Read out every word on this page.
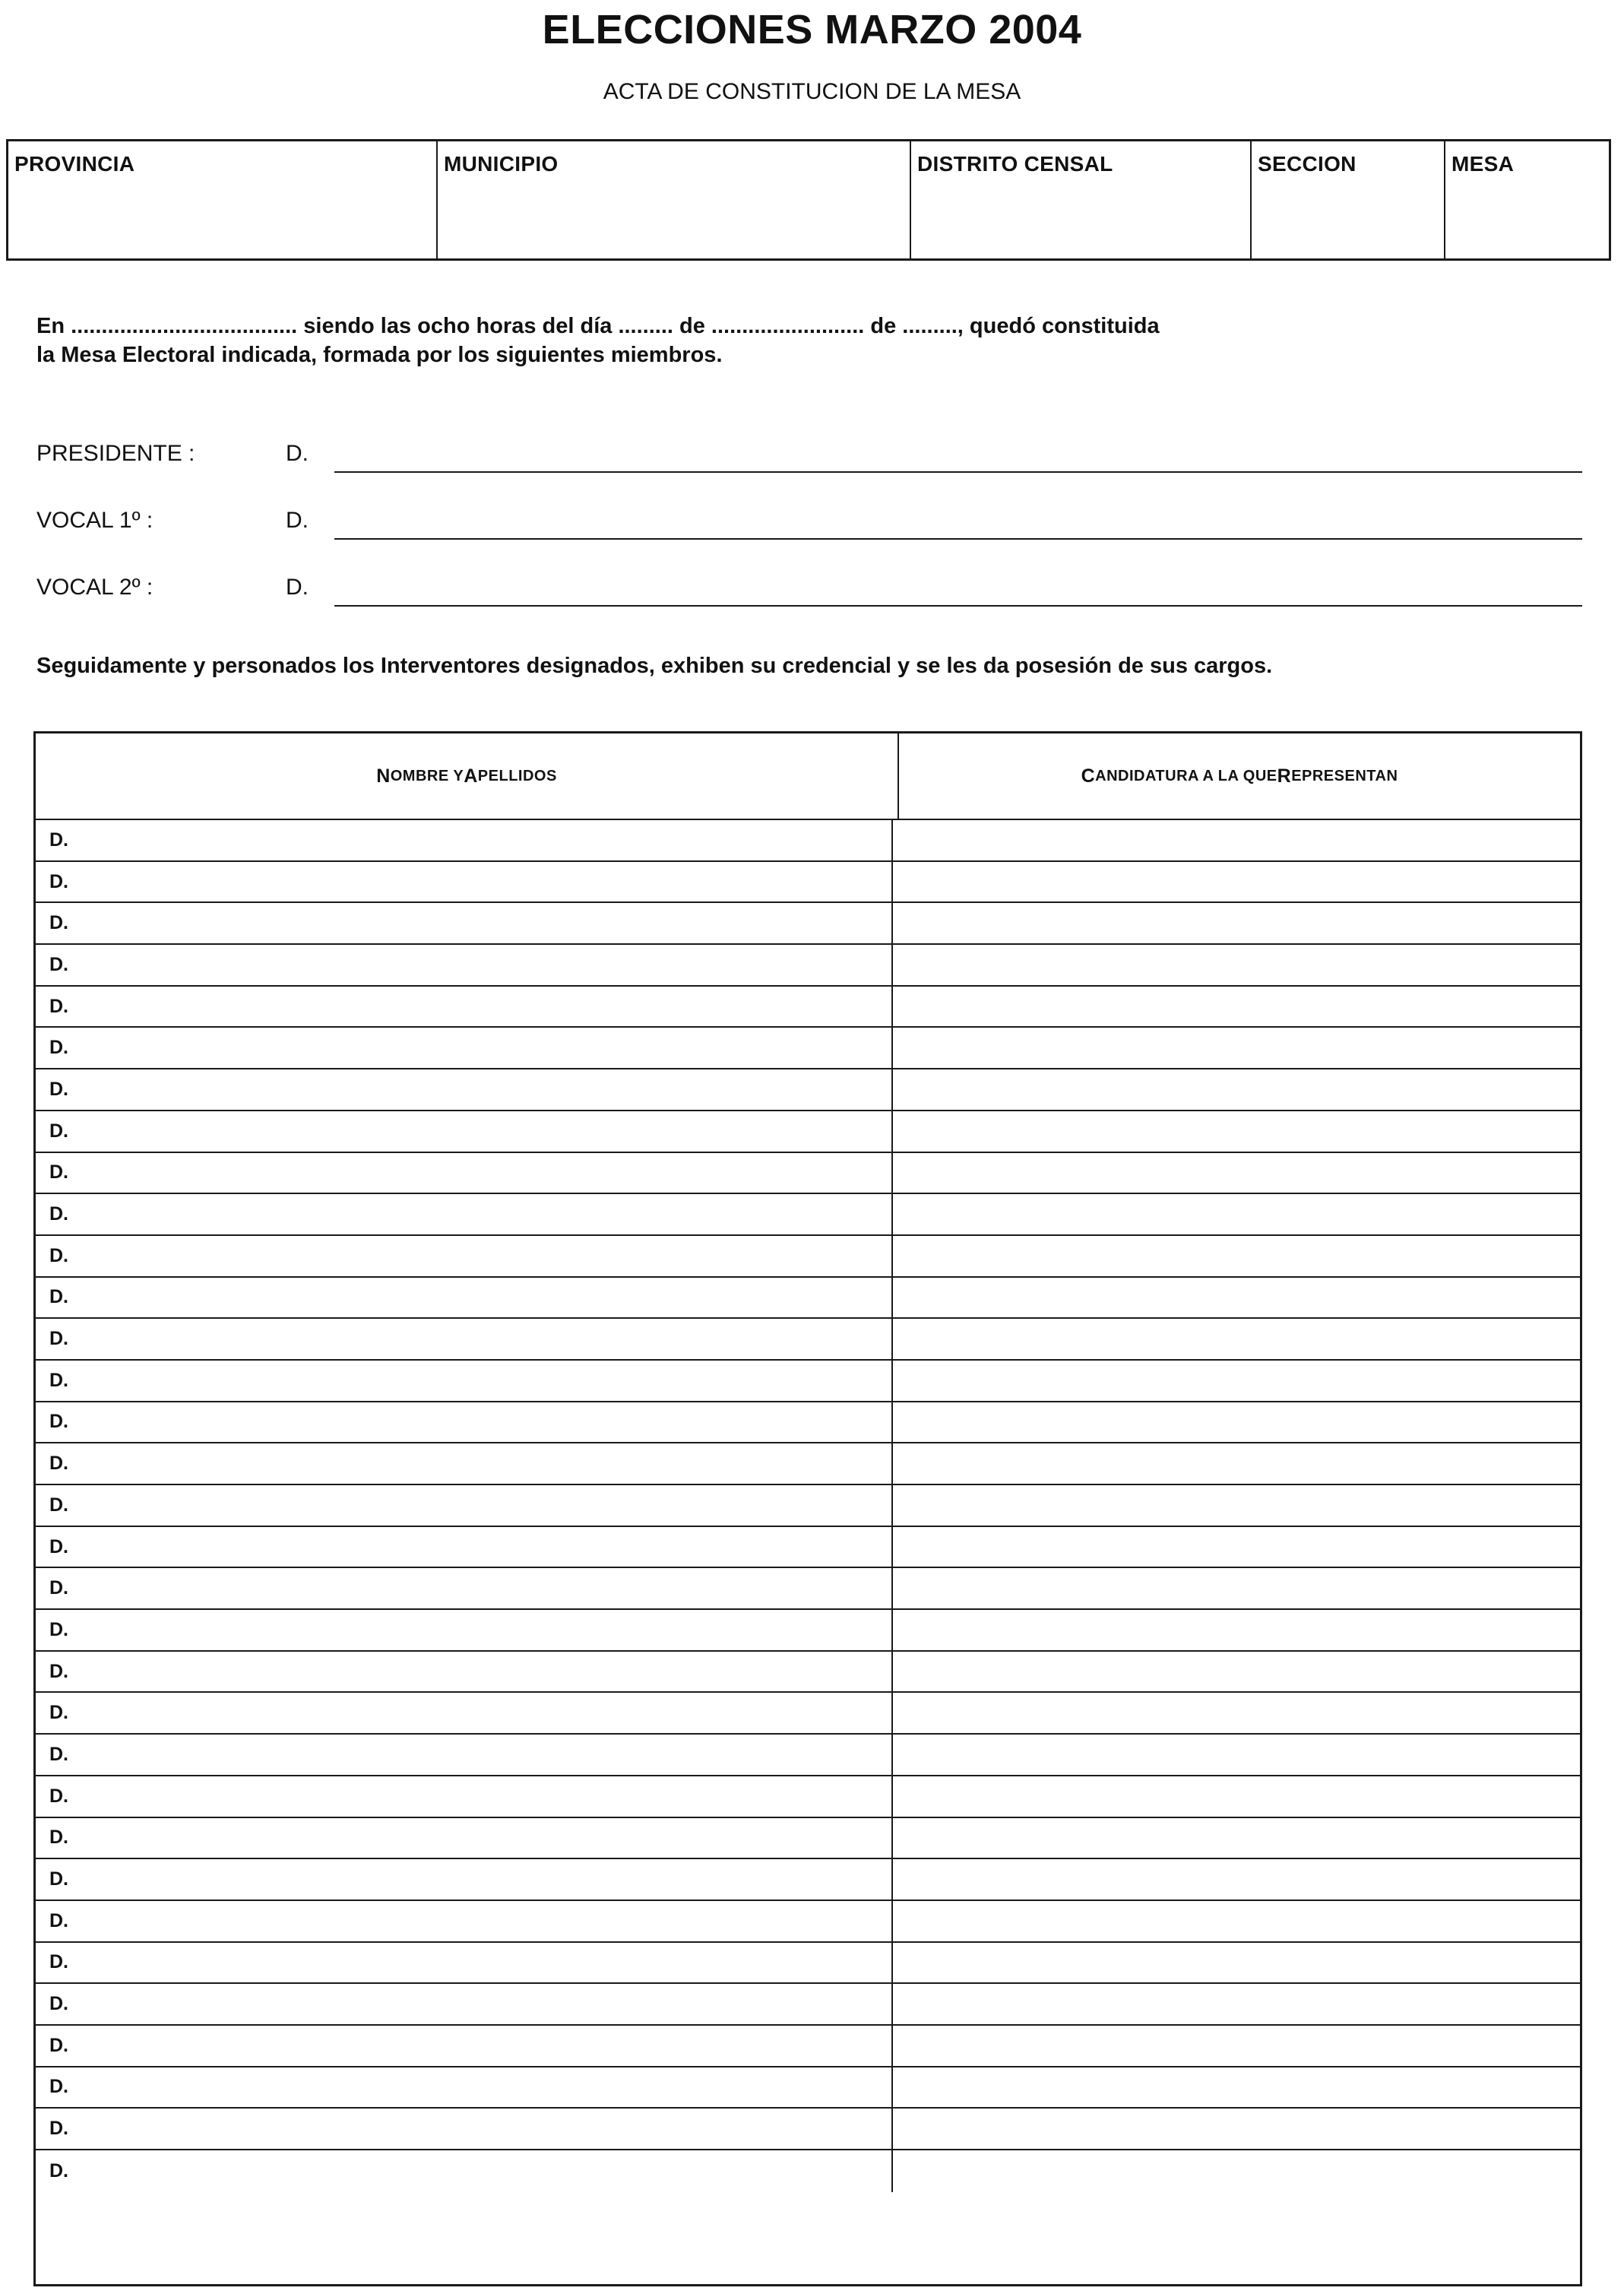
ELECCIONES MARZO 2004
ACTA DE CONSTITUCION DE LA MESA
PROVINCIA	MUNICIPIO	DISTRITO CENSAL	SECCION	MESA
En ..................................... siendo las ocho horas del día ......... de ......................... de ........., quedó constituida
la Mesa Electoral indicada, formada por los siguientes miembros.
PRESIDENTE :	D.
VOCAL 1º :	D.
VOCAL 2º :	D.
Seguidamente y personados los Interventores designados, exhiben su credencial y se les da posesión de sus cargos.
N OMBRE Y A PELLIDOS	C ANDIDATURA A LA QUE R EPRESENTAN
D.
D.
D.
D.
D.
D.
D.
D.
D.
D.
D.
D.
D.
D.
D.
D.
D.
D.
D.
D.
D.
D.
D.
D.
D.
D.
D.
D.
D.
D.
D.
D.
D.
